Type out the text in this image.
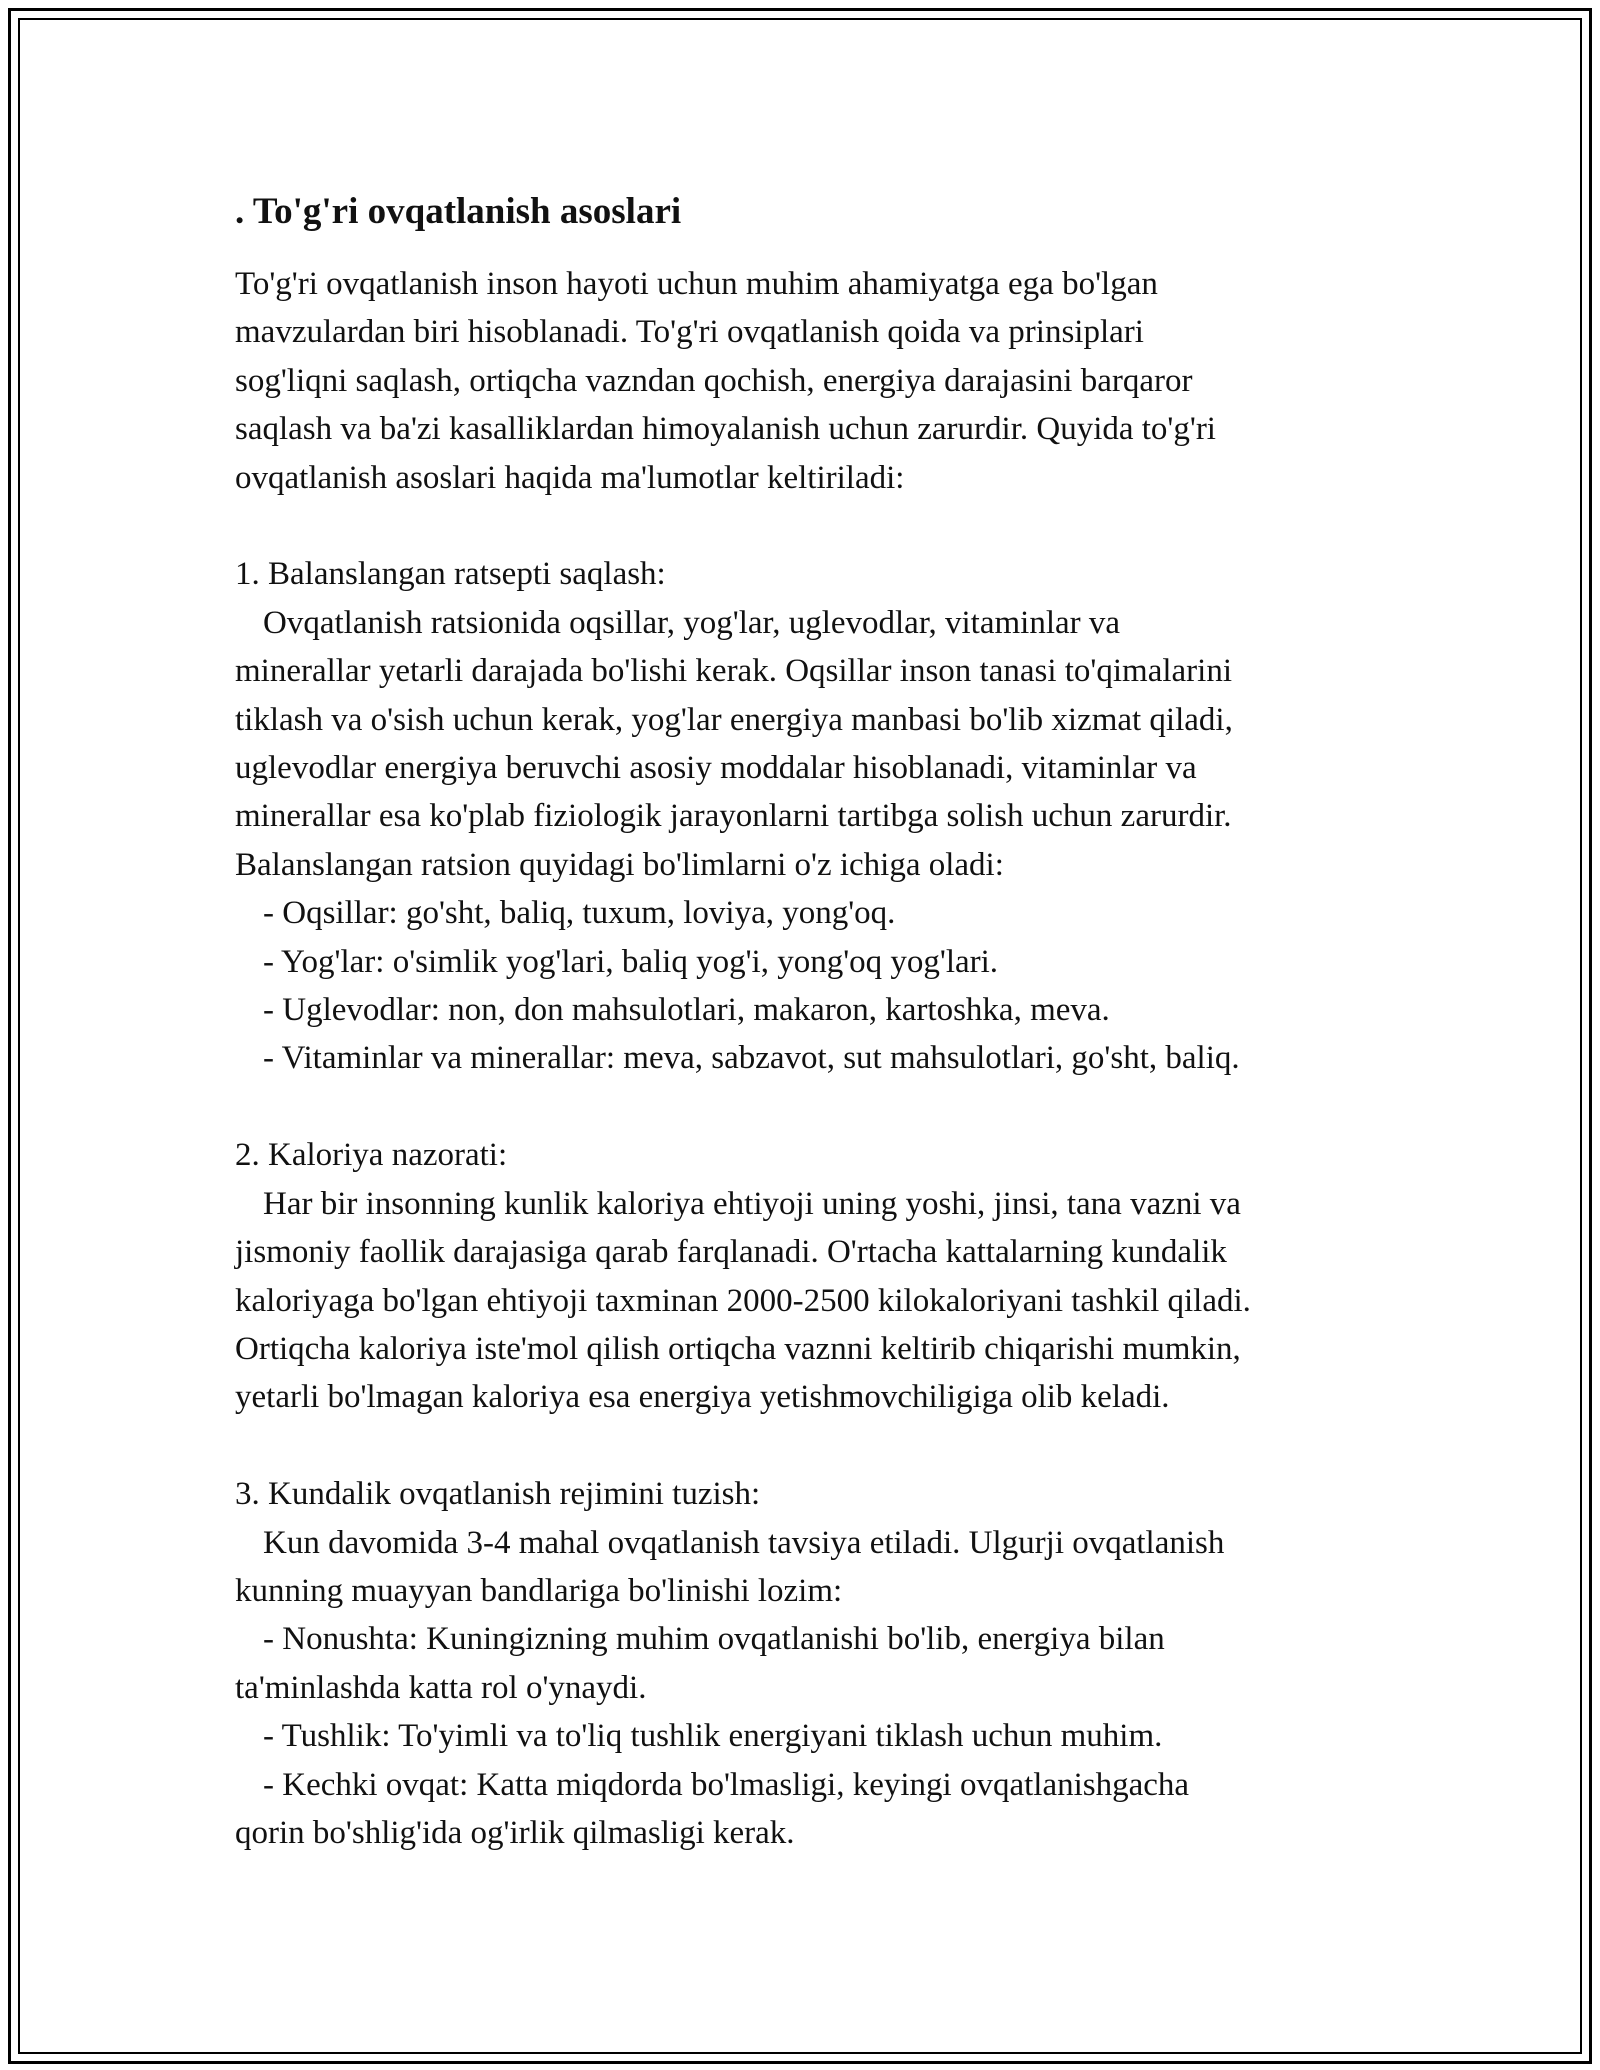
. To'g'ri ovqatlanish asoslari
To'g'ri ovqatlanish inson hayoti uchun muhim ahamiyatga ega bo'lgan
mavzulardan biri hisoblanadi. To'g'ri ovqatlanish qoida va prinsiplari
sog'liqni saqlash, ortiqcha vazndan qochish, energiya darajasini barqaror
saqlash va ba'zi kasalliklardan himoyalanish uchun zarurdir. Quyida to'g'ri
ovqatlanish asoslari haqida ma'lumotlar keltiriladi:
1. Balanslangan ratsepti saqlash:
Ovqatlanish ratsionida oqsillar, yog'lar, uglevodlar, vitaminlar va
minerallar yetarli darajada bo'lishi kerak. Oqsillar inson tanasi to'qimalarini
tiklash va o'sish uchun kerak, yog'lar energiya manbasi bo'lib xizmat qiladi,
uglevodlar energiya beruvchi asosiy moddalar hisoblanadi, vitaminlar va
minerallar esa ko'plab fiziologik jarayonlarni tartibga solish uchun zarurdir.
Balanslangan ratsion quyidagi bo'limlarni o'z ichiga oladi:
- Oqsillar: go'sht, baliq, tuxum, loviya, yong'oq.
- Yog'lar: o'simlik yog'lari, baliq yog'i, yong'oq yog'lari.
- Uglevodlar: non, don mahsulotlari, makaron, kartoshka, meva.
- Vitaminlar va minerallar: meva, sabzavot, sut mahsulotlari, go'sht, baliq.
2. Kaloriya nazorati:
Har bir insonning kunlik kaloriya ehtiyoji uning yoshi, jinsi, tana vazni va
jismoniy faollik darajasiga qarab farqlanadi. O'rtacha kattalarning kundalik
kaloriyaga bo'lgan ehtiyoji taxminan 2000-2500 kilokaloriyani tashkil qiladi.
Ortiqcha kaloriya iste'mol qilish ortiqcha vaznni keltirib chiqarishi mumkin,
yetarli bo'lmagan kaloriya esa energiya yetishmovchiligiga olib keladi.
3. Kundalik ovqatlanish rejimini tuzish:
Kun davomida 3-4 mahal ovqatlanish tavsiya etiladi. Ulgurji ovqatlanish
kunning muayyan bandlariga bo'linishi lozim:
- Nonushta: Kuningizning muhim ovqatlanishi bo'lib, energiya bilan
ta'minlashda katta rol o'ynaydi.
- Tushlik: To'yimli va to'liq tushlik energiyani tiklash uchun muhim.
- Kechki ovqat: Katta miqdorda bo'lmasligi, keyingi ovqatlanishgacha
qorin bo'shlig'ida og'irlik qilmasligi kerak.
